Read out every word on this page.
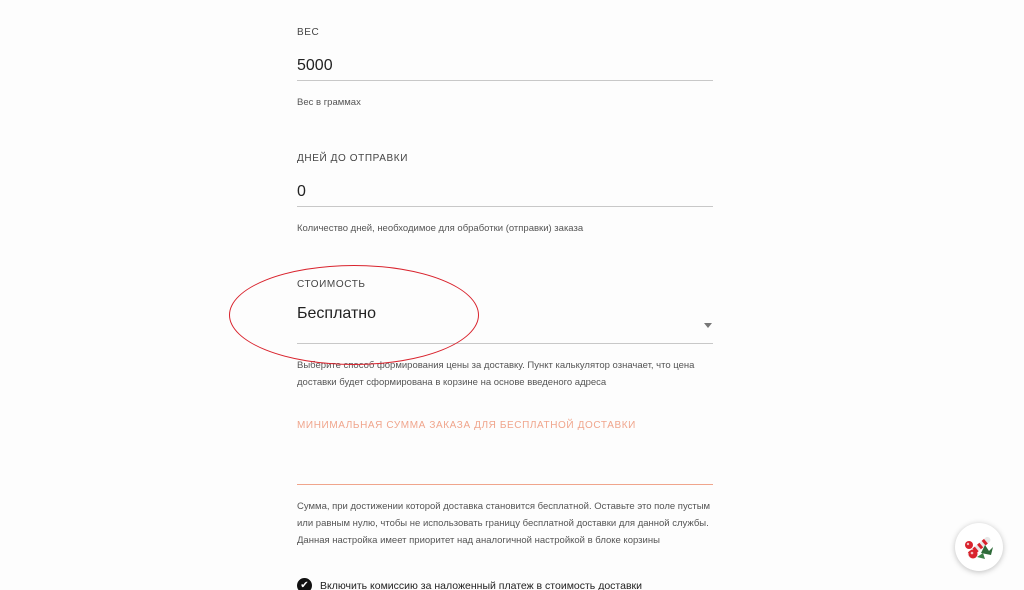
ВЕС
5000
Вес в граммах
ДНЕЙ ДО ОТПРАВКИ
0
Количество дней, необходимое для обработки (отправки) заказа
СТОИМОСТЬ
Бесплатно
Выберите способ формирования цены за доставку. Пункт калькулятор означает, что цена
доставки будет сформирована в корзине на основе введеного адреса
МИНИМАЛЬНАЯ СУММА ЗАКАЗА ДЛЯ БЕСПЛАТНОЙ ДОСТАВКИ
Сумма, при достижении которой доставка становится бесплатной. Оставьте это поле пустым
или равным нулю, чтобы не использовать границу бесплатной доставки для данной службы.
Данная настройка имеет приоритет над аналогичной настройкой в блоке корзины
✔	Включить комиссию за наложенный платеж в стоимость доставки
